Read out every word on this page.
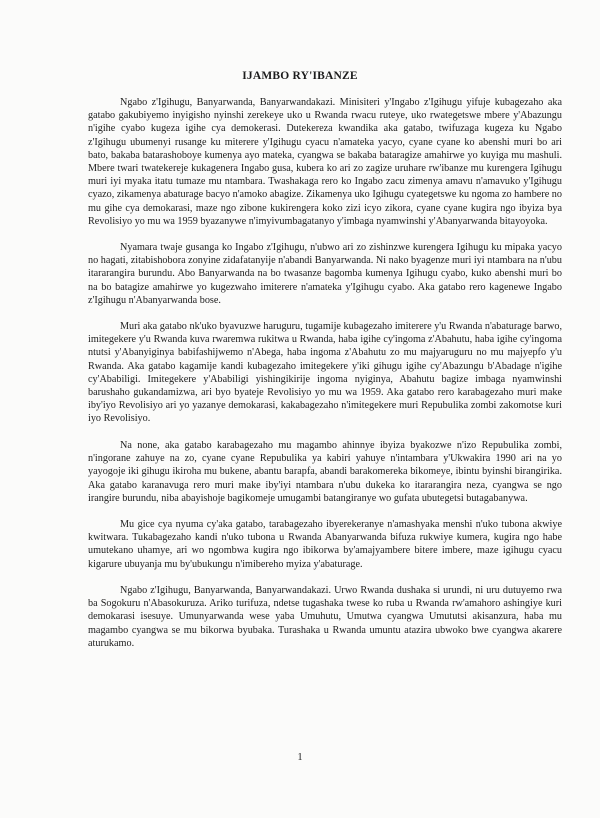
IJAMBO RY'IBANZE

Ngabo z'Igihugu, Banyarwanda, Banyarwandakazi. Minisiteri y'Ingabo z'Igihugu yifuje kubagezaho aka gatabo gakubiyemo inyigisho nyinshi zerekeye uko u Rwanda rwacu ruteye, uko rwategetswe mbere y'Abazungu n'igihe cyabo kugeza igihe cya demokerasi. Dutekereza kwandika aka gatabo, twifuzaga kugeza ku Ngabo z'Igihugu ubumenyi rusange ku miterere y'Igihugu cyacu n'amateka yacyo, cyane cyane ko abenshi muri bo ari bato, bakaba batarashoboye kumenya ayo mateka, cyangwa se bakaba bataragize amahirwe yo kuyiga mu mashuli. Mbere twari twatekereje kukagenera Ingabo gusa, kubera ko ari zo zagize uruhare rw'ibanze mu kurengera Igihugu muri iyi myaka itatu tumaze mu ntambara. Twashakaga rero ko Ingabo zacu zimenya amavu n'amavuko y'Igihugu cyazo, zikamenya abaturage bacyo n'amoko abagize. Zikamenya uko Igihugu cyategetswe ku ngoma zo hambere no mu gihe cya demokarasi, maze ngo zibone kukirengera koko zizi icyo zikora, cyane cyane kugira ngo ibyiza bya Revolisiyo yo mu wa 1959 byazanywe n'imyivumbagatanyo y'imbaga nyamwinshi y'Abanyarwanda bitayoyoka.

Nyamara twaje gusanga ko Ingabo z'Igihugu, n'ubwo ari zo zishinzwe kurengera Igihugu ku mipaka yacyo no hagati, zitabishobora zonyine zidafatanyije n'abandi Banyarwanda. Ni nako byagenze muri iyi ntambara na n'ubu itararangira burundu. Abo Banyarwanda na bo twasanze bagomba kumenya Igihugu cyabo, kuko abenshi muri bo na bo batagize amahirwe yo kugezwaho imiterere n'amateka y'Igihugu cyabo. Aka gatabo rero kagenewe Ingabo z'Igihugu n'Abanyarwanda bose.

Muri aka gatabo nk'uko byavuzwe haruguru, tugamije kubagezaho imiterere y'u Rwanda n'abaturage barwo, imitegekere y'u Rwanda kuva rwaremwa rukitwa u Rwanda, haba igihe cy'ingoma z'Abahutu, haba igihe cy'ingoma ntutsi y'Abanyiginya babifashijwemo n'Abega, haba ingoma z'Abahutu zo mu majyaruguru no mu majyepfo y'u Rwanda. Aka gatabo kagamije kandi kubagezaho imitegekere y'iki gihugu igihe cy'Abazungu b'Abadage n'igihe cy'Ababiligi. Imitegekere y'Ababiligi yishingikirije ingoma nyiginya, Abahutu bagize imbaga nyamwinshi barushaho gukandamizwa, ari byo byateje Revolisiyo yo mu wa 1959. Aka gatabo rero karabagezaho muri make iby'iyo Revolisiyo ari yo yazanye demokarasi, kakabagezaho n'imitegekere muri Repubulika zombi zakomotse kuri iyo Revolisiyo.

Na none, aka gatabo karabagezaho mu magambo ahinnye ibyiza byakozwe n'izo Repubulika zombi, n'ingorane zahuye na zo, cyane cyane Repubulika ya kabiri yahuye n'intambara y'Ukwakira 1990 ari na yo yayogoje iki gihugu ikiroha mu bukene, abantu barapfa, abandi barakomereka bikomeye, ibintu byinshi birangirika. Aka gatabo karanavuga rero muri make iby'iyi ntambara n'ubu dukeka ko itararangira neza, cyangwa se ngo irangire burundu, niba abayishoje bagikomeje umugambi batangiranye wo gufata ubutegetsi butagabanywa.

Mu gice cya nyuma cy'aka gatabo, tarabagezaho ibyerekeranye n'amashyaka menshi n'uko tubona akwiye kwitwara. Tukabagezaho kandi n'uko tubona u Rwanda Abanyarwanda bifuza rukwiye kumera, kugira ngo habe umutekano uhamye, ari wo ngombwa kugira ngo ibikorwa by'amajyambere bitere imbere, maze igihugu cyacu kigarure ubuyanja mu by'ubukungu n'imibereho myiza y'abaturage.

Ngabo z'Igihugu, Banyarwanda, Banyarwandakazi. Urwo Rwanda dushaka si urundi, ni uru dutuyemo rwa ba Sogokuru n'Abasokuruza. Ariko turifuza, ndetse tugashaka twese ko ruba u Rwanda rw'amahoro ashingiye kuri demokarasi isesuye. Umunyarwanda wese yaba Umuhutu, Umutwa cyangwa Umututsi akisanzura, haba mu magambo cyangwa se mu bikorwa byubaka. Turashaka u Rwanda umuntu atazira ubwoko bwe cyangwa akarere aturukamo.

1
